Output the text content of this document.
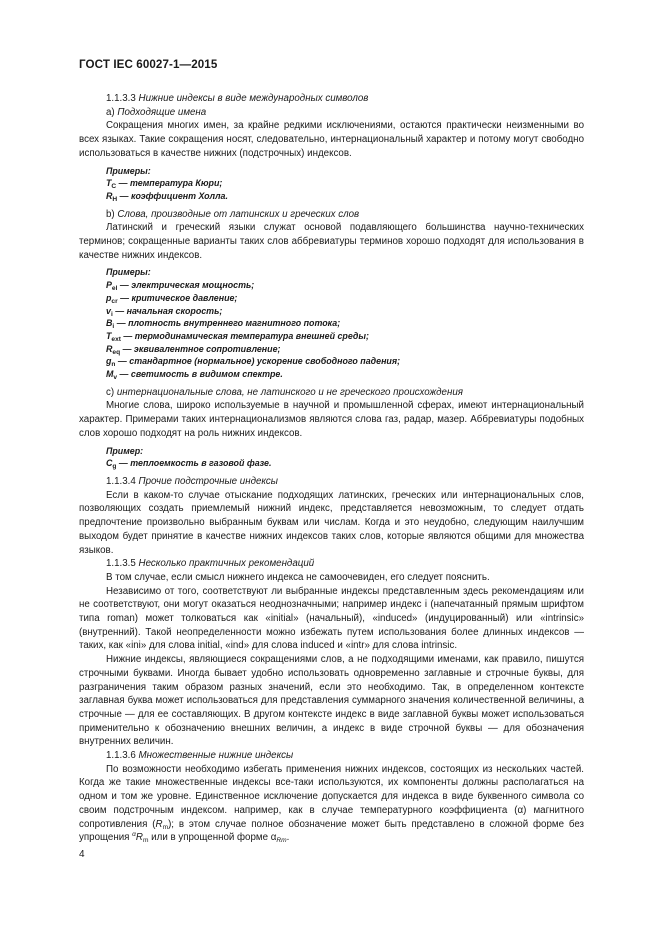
ГОСТ IEC 60027-1—2015

1.1.3.3 Нижние индексы в виде международных символов

а) Подходящие имена

Сокращения многих имен, за крайне редкими исключениями, остаются практически неизменными во всех языках. Такие сокращения носят, следовательно, интернациональный характер и потому могут свободно использоваться в качестве нижних (подстрочных) индексов.

Примеры:

$T_C$ — температура Кюри;

$R_H$ — коэффициент Холла.

b) Слова, производные от латинских и греческих слов

Латинский и греческий языки служат основой подавляющего большинства научно-технических терминов; сокращенные варианты таких слов аббревиатуры терминов хорошо подходят для использования в качестве нижних индексов.

Примеры:

$P_{el}$ — электрическая мощность;

$p_{cr}$ — критическое давление;

$v_i$ — начальная скорость;

$B_i$ — плотность внутреннего магнитного потока;

$T_{ext}$ — термодинамическая температура внешней среды;

$R_{eq}$ — эквивалентное сопротивление;

$g_n$ — стандартное (нормальное) ускорение свободного падения;

$M_v$ — светимость в видимом спектре.

с) интернациональные слова, не латинского и не греческого происхождения

Многие слова, широко используемые в научной и промышленной сферах, имеют интернациональный характер. Примерами таких интернационализмов являются слова газ, радар, мазер. Аббревиатуры подобных слов хорошо подходят на роль нижних индексов.

Пример:

$C_g$ — теплоемкость в газовой фазе.

1.1.3.4 Прочие подстрочные индексы

Если в каком-то случае отыскание подходящих латинских, греческих или интернациональных слов, позволяющих создать приемлемый нижний индекс, представляется невозможным, то следует отдать предпочтение произвольно выбранным буквам или числам. Когда и это неудобно, следующим наилучшим выходом будет принятие в качестве нижних индексов таких слов, которые являются общими для множества языков.

1.1.3.5 Несколько практичных рекомендаций

В том случае, если смысл нижнего индекса не самоочевиден, его следует пояснить.

Независимо от того, соответствуют ли выбранные индексы представленным здесь рекомендациям или не соответствуют, они могут оказаться неоднозначными; например индекс i (напечатанный прямым шрифтом типа roman) может толковаться как «initial» (начальный), «induced» (индуцированный) или «intrinsic» (внутренний). Такой неопределенности можно избежать путем использования более длинных индексов — таких, как «ini» для слова initial, «ind» для слова induced и «intr» для слова intrinsic.

Нижние индексы, являющиеся сокращениями слов, а не подходящими именами, как правило, пишутся строчными буквами. Иногда бывает удобно использовать одновременно заглавные и строчные буквы, для разграничения таким образом разных значений, если это необходимо. Так, в определенном контексте заглавная буква может использоваться для представления суммарного значения количественной величины, а строчные — для ее составляющих. В другом контексте индекс в виде заглавной буквы может использоваться применительно к обозначению внешних величин, а индекс в виде строчной буквы — для обозначения внутренних величин.

1.1.3.6 Множественные нижние индексы

По возможности необходимо избегать применения нижних индексов, состоящих из нескольких частей. Когда же такие множественные индексы все-таки используются, их компоненты должны располагаться на одном и том же уровне. Единственное исключение допускается для индекса в виде буквенного символа со своим подстрочным индексом. например, как в случае температурного коэффициента (α) магнитного сопротивления $(R_m)$; в этом случае полное обозначение может быть представлено в сложной форме без упрощения $^\alpha R_m$ или в упрощенной форме $\alpha_{Rm}$.

4
